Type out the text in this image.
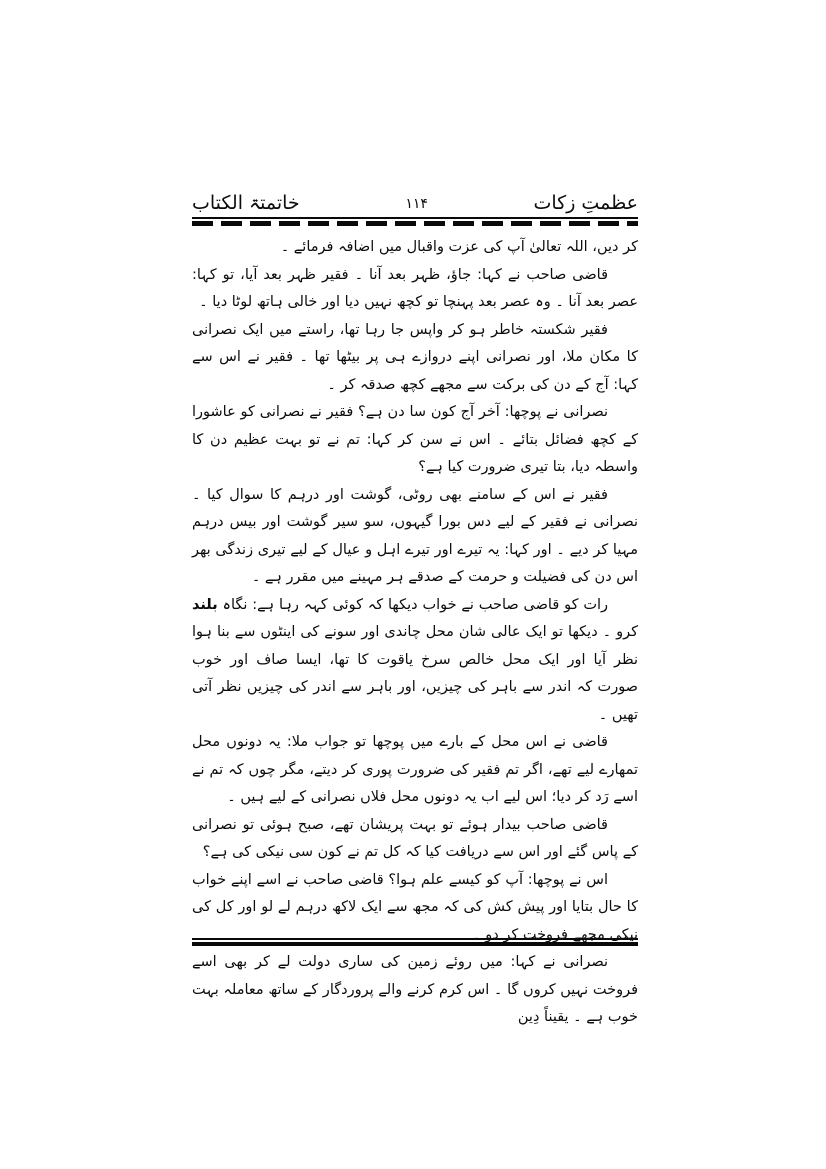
عظمتِ زکات
۱۱۴
خاتمتۃ الکتاب

کر دیں، اللہ تعالیٰ آپ کی عزت واقبال میں اضافہ فرمائے ۔

قاضی صاحب نے کہا: جاؤ، ظہر بعد آنا ۔ فقیر ظہر بعد آیا، تو کہا: عصر بعد آنا ۔ وہ عصر بعد پہنچا تو کچھ نہیں دیا اور خالی ہاتھ لوٹا دیا ۔

فقیر شکستہ خاطر ہو کر واپس جا رہا تھا، راستے میں ایک نصرانی کا مکان ملا، اور نصرانی اپنے دروازے ہی پر بیٹھا تھا ۔ فقیر نے اس سے کہا: آج کے دن کی برکت سے مجھے کچھ صدقہ کر ۔

نصرانی نے پوچھا: آخر آج کون سا دن ہے؟ فقیر نے نصرانی کو عاشورا کے کچھ فضائل بتائے ۔ اس نے سن کر کہا: تم نے تو بہت عظیم دن کا واسطہ دیا، بتا تیری ضرورت کیا ہے؟

فقیر نے اس کے سامنے بھی روٹی، گوشت اور درہم کا سوال کیا ۔ نصرانی نے فقیر کے لیے دس بورا گیہوں، سو سیر گوشت اور بیس درہم مہیا کر دیے ۔ اور کہا: یہ تیرے اور تیرے اہل و عیال کے لیے تیری زندگی بھر اس دن کی فضیلت و حرمت کے صدقے ہر مہینے میں مقرر ہے ۔

رات کو قاضی صاحب نے خواب دیکھا کہ کوئی کہہ رہا ہے: نگاہ بلند کرو ۔ دیکھا تو ایک عالی شان محل چاندی اور سونے کی اینٹوں سے بنا ہوا نظر آیا اور ایک محل خالص سرخ یاقوت کا تھا، ایسا صاف اور خوب صورت کہ اندر سے باہر کی چیزیں، اور باہر سے اندر کی چیزیں نظر آتی تھیں ۔

قاضی نے اس محل کے بارے میں پوچھا تو جواب ملا: یہ دونوں محل تمھارے لیے تھے، اگر تم فقیر کی ضرورت پوری کر دیتے، مگر چوں کہ تم نے اسے رَد کر دیا؛ اس لیے اب یہ دونوں محل فلاں نصرانی کے لیے ہیں ۔

قاضی صاحب بیدار ہوئے تو بہت پریشان تھے، صبح ہوئی تو نصرانی کے پاس گئے اور اس سے دریافت کیا کہ کل تم نے کون سی نیکی کی ہے؟

اس نے پوچھا: آپ کو کیسے علم ہوا؟ قاضی صاحب نے اسے اپنے خواب کا حال بتایا اور پیش کش کی کہ مجھ سے ایک لاکھ درہم لے لو اور کل کی نیکی مجھے فروخت کر دو ۔

نصرانی نے کہا: میں روئے زمین کی ساری دولت لے کر بھی اسے فروخت نہیں کروں گا ۔ اس کرم کرنے والے پروردگار کے ساتھ معاملہ بہت خوب ہے ۔ یقیناً دِین
